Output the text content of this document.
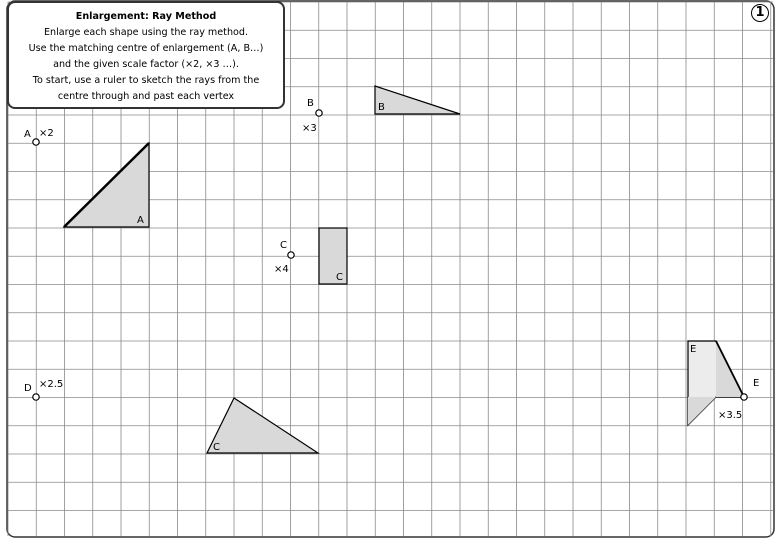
A
B
C
C
E
A ×2
B
×3
C
×4
D ×2.5	E
×3.5
Enlargement: Ray Method
Enlarge each shape using the ray method.
Use the matching centre of enlargement (A, B…)
and the given scale factor (×2, ×3 …).
To start, use a ruler to sketch the rays from the
centre through and past each vertex
1
